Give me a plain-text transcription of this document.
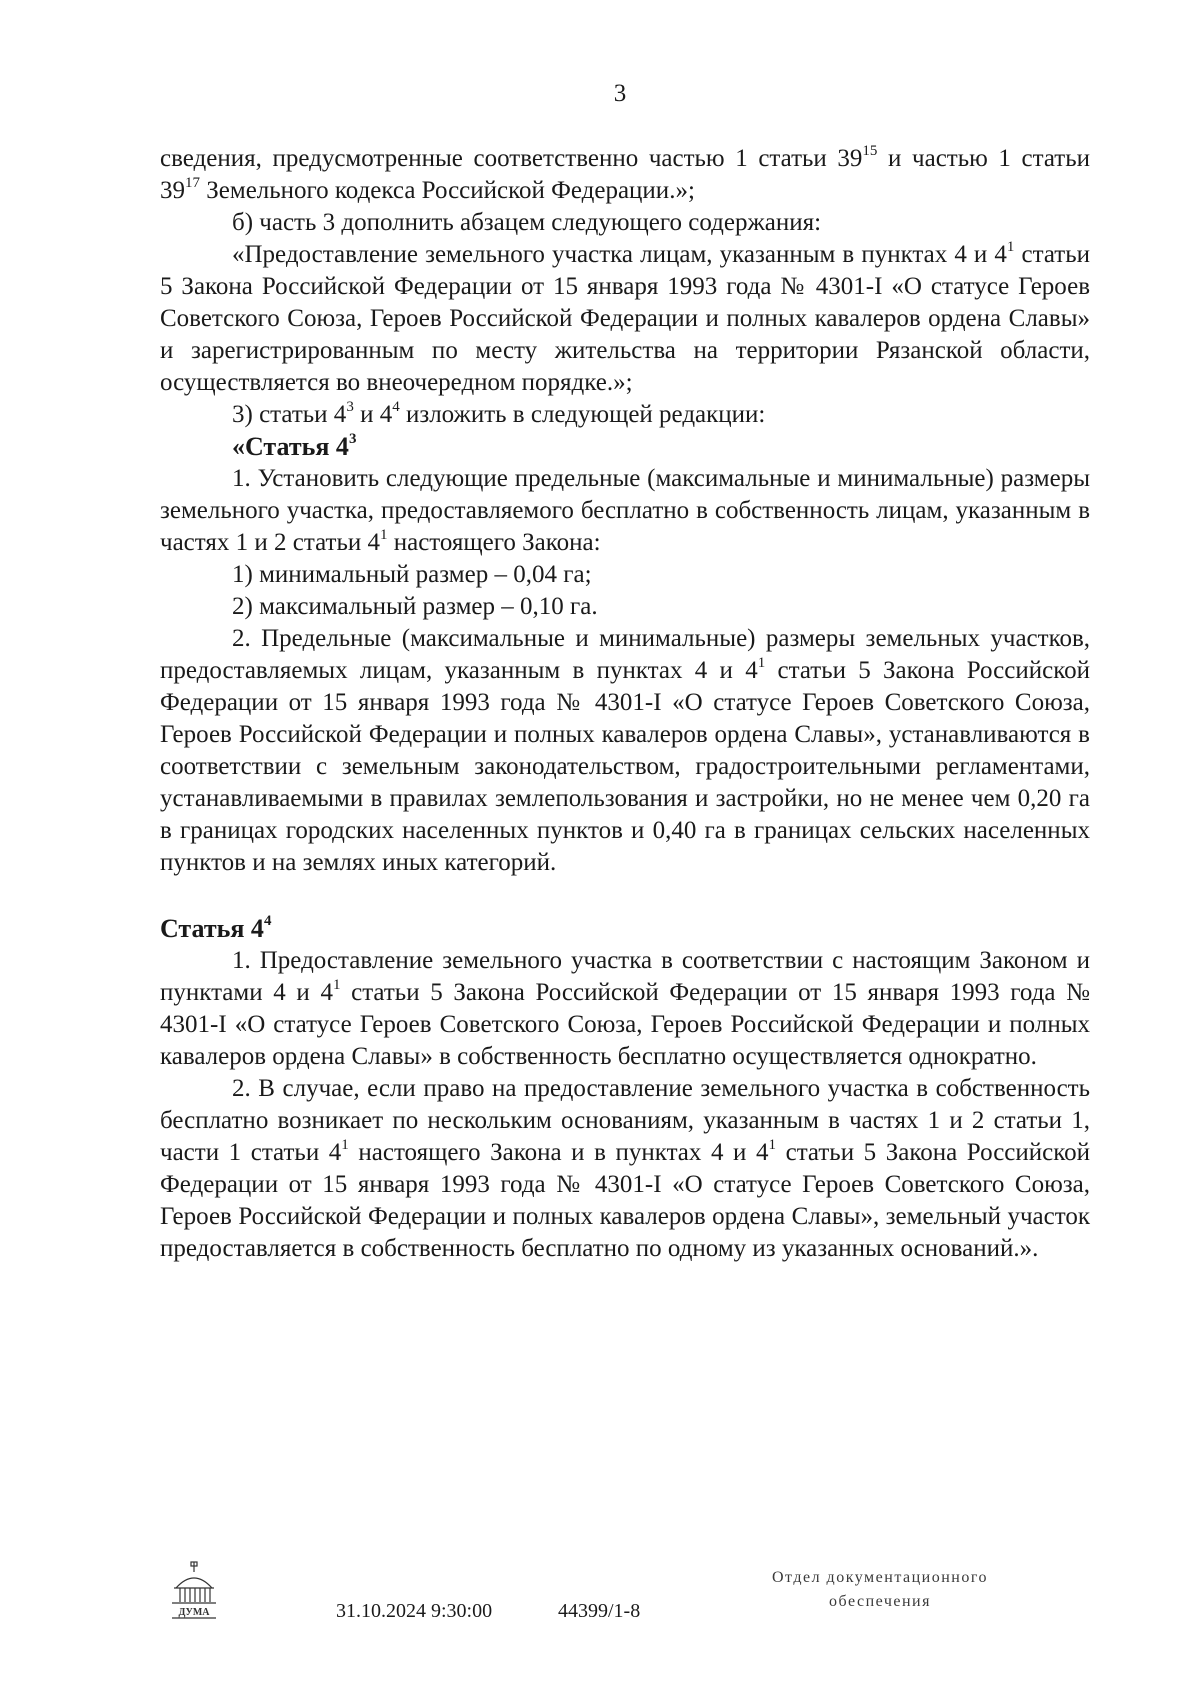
3

сведения, предусмотренные соответственно частью 1 статьи $39^{15}$ и частью 1 статьи $39^{17}$ Земельного кодекса Российской Федерации.»;

б) часть 3 дополнить абзацем следующего содержания:

«Предоставление земельного участка лицам, указанным в пунктах 4 и $4^1$ статьи 5 Закона Российской Федерации от 15 января 1993 года № 4301-I «О статусе Героев Советского Союза, Героев Российской Федерации и полных кавалеров ордена Славы» и зарегистрированным по месту жительства на территории Рязанской области, осуществляется во внеочередном порядке.»;

3) статьи $4^3$ и $4^4$ изложить в следующей редакции:

«Статья $4^3$

1. Установить следующие предельные (максимальные и минимальные) размеры земельного участка, предоставляемого бесплатно в собственность лицам, указанным в частях 1 и 2 статьи $4^1$ настоящего Закона:

1) минимальный размер – 0,04 га;

2) максимальный размер – 0,10 га.

2. Предельные (максимальные и минимальные) размеры земельных участков, предоставляемых лицам, указанным в пунктах 4 и $4^1$ статьи 5 Закона Российской Федерации от 15 января 1993 года № 4301-I «О статусе Героев Советского Союза, Героев Российской Федерации и полных кавалеров ордена Славы», устанавливаются в соответствии с земельным законодательством, градостроительными регламентами, устанавливаемыми в правилах землепользования и застройки, но не менее чем 0,20 га в границах городских населенных пунктов и 0,40 га в границах сельских населенных пунктов и на землях иных категорий.

Статья $4^4$

1. Предоставление земельного участка в соответствии с настоящим Законом и пунктами 4 и $4^1$ статьи 5 Закона Российской Федерации от 15 января 1993 года № 4301-I «О статусе Героев Советского Союза, Героев Российской Федерации и полных кавалеров ордена Славы» в собственность бесплатно осуществляется однократно.

2. В случае, если право на предоставление земельного участка в собственность бесплатно возникает по нескольким основаниям, указанным в частях 1 и 2 статьи 1, части 1 статьи $4^1$ настоящего Закона и в пунктах 4 и $4^1$ статьи 5 Закона Российской Федерации от 15 января 1993 года № 4301-I «О статусе Героев Советского Союза, Героев Российской Федерации и полных кавалеров ордена Славы», земельный участок предоставляется в собственность бесплатно по одному из указанных оснований.».

ДУМА	31.10.2024 9:30:00	44399/1-8
Отдел документационного
обеспечения
